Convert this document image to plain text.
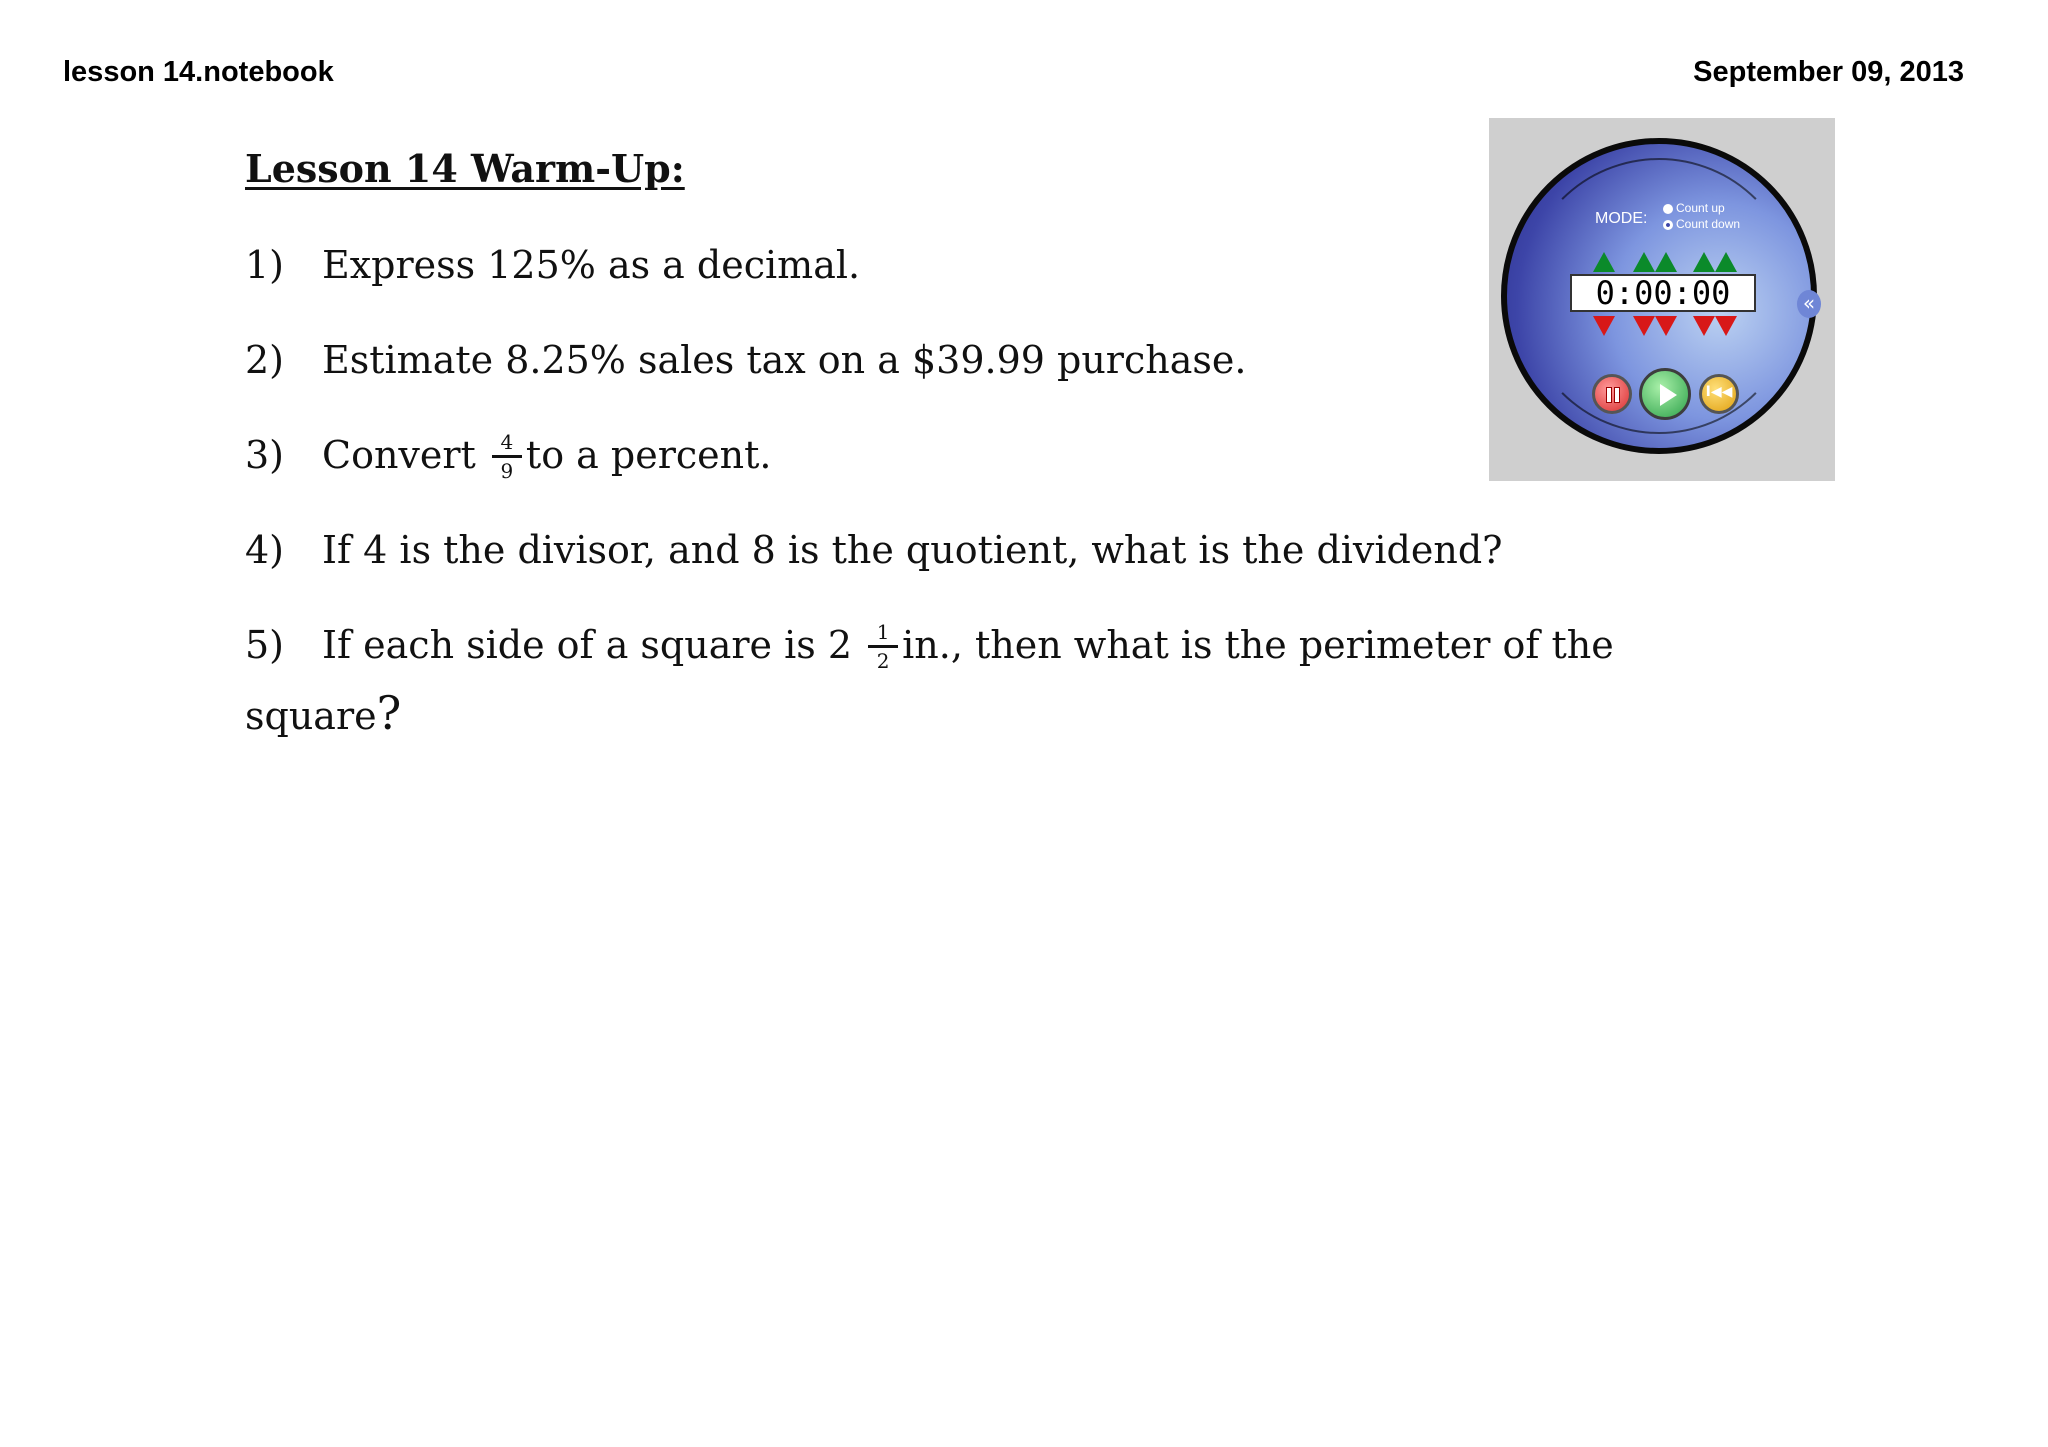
lesson 14.notebook	September 09, 2013
Lesson 14 Warm-Up:
1) Express 125% as a decimal.
2) Estimate 8.25% sales tax on a $39.99 purchase.
3) Convert $\frac{4}{9}$ to a percent.
4) If 4 is the divisor, and 8 is the quotient, what is the dividend?
5) If each side of a square is $2 \frac{1}{2}$ in., then what is the perimeter of the
square?
MODE:
Count up
Count down
0:00:00	«
I◀◀
